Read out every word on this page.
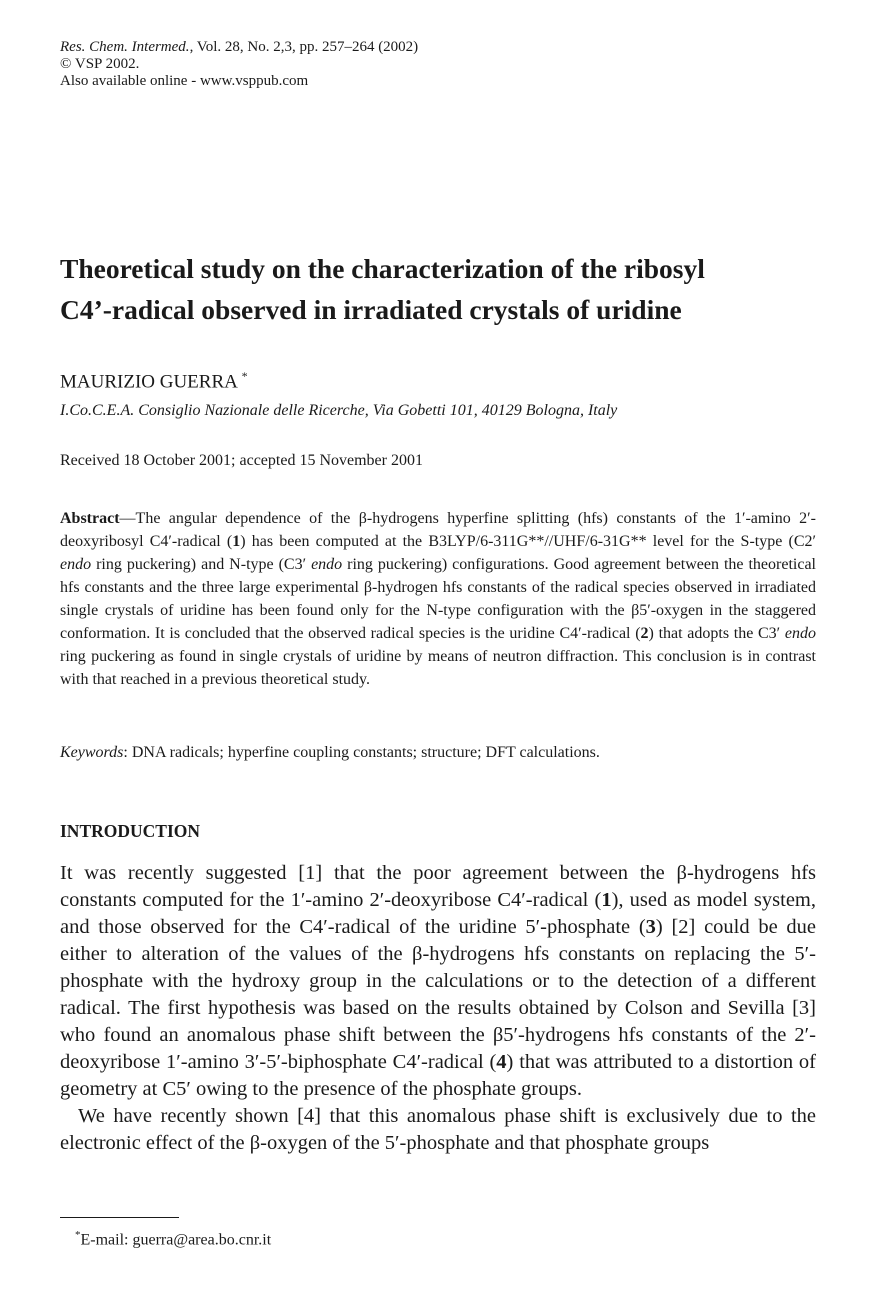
Res. Chem. Intermed., Vol. 28, No. 2,3, pp. 257–264 (2002)
© VSP 2002.
Also available online - www.vsppub.com
Theoretical study on the characterization of the ribosyl
C4’-radical observed in irradiated crystals of uridine
MAURIZIO GUERRA *
I.Co.C.E.A. Consiglio Nazionale delle Ricerche, Via Gobetti 101, 40129 Bologna, Italy
Received 18 October 2001; accepted 15 November 2001

Abstract—The angular dependence of the β-hydrogens hyperfine splitting (hfs) constants of the 1′-amino 2′-deoxyribosyl C4′-radical (1) has been computed at the B3LYP/6-311G**//UHF/6-31G** level for the S-type (C2′ endo ring puckering) and N-type (C3′ endo ring puckering) configurations. Good agreement between the theoretical hfs constants and the three large experimental β-hydrogen hfs constants of the radical species observed in irradiated single crystals of uridine has been found only for the N-type configuration with the β5′-oxygen in the staggered conformation. It is concluded that the observed radical species is the uridine C4′-radical (2) that adopts the C3′ endo ring puckering as found in single crystals of uridine by means of neutron diffraction. This conclusion is in contrast with that reached in a previous theoretical study.

Keywords: DNA radicals; hyperfine coupling constants; structure; DFT calculations.
INTRODUCTION

It was recently suggested [1] that the poor agreement between the β-hydrogens hfs constants computed for the 1′-amino 2′-deoxyribose C4′-radical (1), used as model system, and those observed for the C4′-radical of the uridine 5′-phosphate (3) [2] could be due either to alteration of the values of the β-hydrogens hfs constants on replacing the 5′-phosphate with the hydroxy group in the calculations or to the detection of a different radical. The first hypothesis was based on the results obtained by Colson and Sevilla [3] who found an anomalous phase shift between the β5′-hydrogens hfs constants of the 2′-deoxyribose 1′-amino 3′-5′-biphosphate C4′-radical (4) that was attributed to a distortion of geometry at C5′ owing to the presence of the phosphate groups.

We have recently shown [4] that this anomalous phase shift is exclusively due to the electronic effect of the β-oxygen of the 5′-phosphate and that phosphate groups

*E-mail: guerra@area.bo.cnr.it
